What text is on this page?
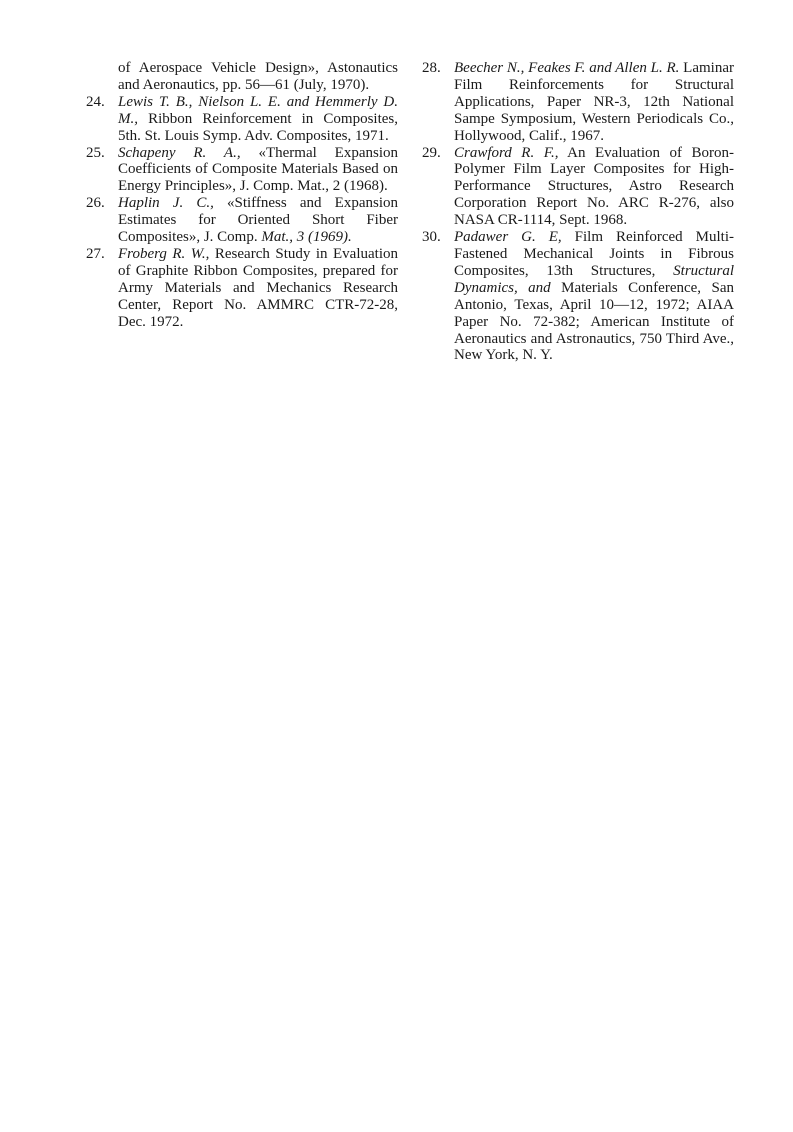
of Aerospace Vehicle Design», Astonautics and Aeronautics, pp. 56—61 (July, 1970).

24. Lewis T. B., Nielson L. E. and Hemmerly D. M., Ribbon Reinforcement in Composites, 5th. St. Louis Symp. Adv. Composites, 1971.

25. Schapeny R. A., «Thermal Expansion Coefficients of Composite Materials Based on Energy Principles», J. Comp. Mat., 2 (1968).

26. Haplin J. C., «Stiffness and Expansion Estimates for Oriented Short Fiber Composites», J. Comp. Mat., 3 (1969).

27. Froberg R. W., Research Study in Evaluation of Graphite Ribbon Composites, prepared for Army Materials and Mechanics Research Center, Report No. AMMRC CTR-72-28, Dec. 1972.

28. Beecher N., Feakes F. and Allen L. R. Laminar Film Reinforcements for Structural Applications, Paper NR-3, 12th National Sampe Symposium, Western Periodicals Co., Hollywood, Calif., 1967.

29. Crawford R. F., An Evaluation of Boron-Polymer Film Layer Composites for High-Performance Structures, Astro Research Corporation Report No. ARC R-276, also NASA CR-1114, Sept. 1968.

30. Padawer G. E, Film Reinforced Multi-Fastened Mechanical Joints in Fibrous Composites, 13th Structures, Structural Dynamics, and Materials Conference, San Antonio, Texas, April 10—12, 1972; AIAA Paper No. 72-382; American Institute of Aeronautics and Astronautics, 750 Third Ave., New York, N. Y.
